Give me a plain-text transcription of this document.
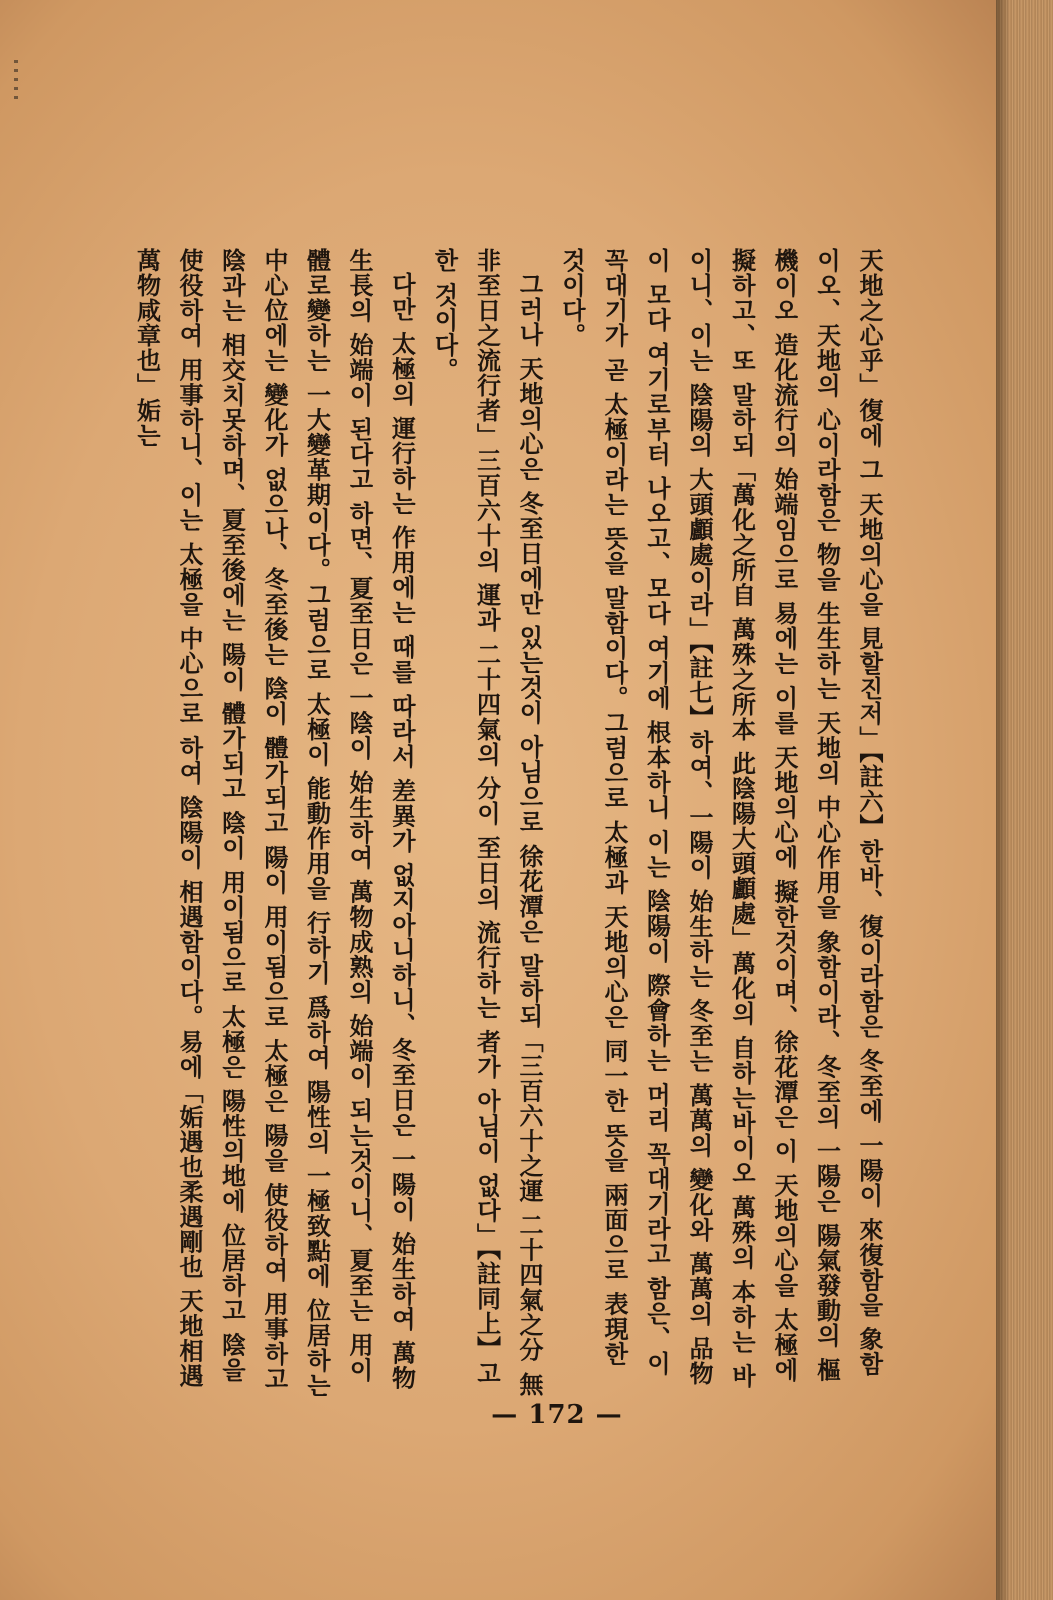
天地之心乎」復에 그 天地의心을 見할진저」【註六】한바、復이라함은 冬至에 一陽이 來復함을 象함이오、天地의 心이라함은 物을 生生하는 天地의 中心作用을 象함이라、冬至의 一陽은 陽氣發動의 樞機이오 造化流行의 始端임으로 易에는 이를 天地의心에 擬한것이며、徐花潭은 이 天地의心을 太極에 擬하고、또 말하되「萬化之所自 萬殊之所本 此陰陽大頭顱處」萬化의 自하는바이오 萬殊의 本하는 바이니、이는 陰陽의 大頭顱處이라」【註七】하여、一陽이 始生하는 冬至는 萬萬의 變化와 萬萬의 品物이 모다 여기로부터 나오고、모다 여기에 根本하니 이는 陰陽이 際會하는 머리 꼭대기라고 함은、이 꼭대기가 곧 太極이라는 뜻을 말함이다。그럼으로 太極과 天地의心은 同一한 뜻을 兩面으로 表現한 것이다。

그러나 天地의心은 冬至日에만 있는것이 아님으로 徐花潭은 말하되「三百六十之運 二十四氣之分 無非至日之流行者」三百六十의 運과 二十四氣의 分이 至日의 流行하는 者가 아님이 없다」【註同上】고 한 것이다。

다만 太極의 運行하는 作用에는 때를 따라서 差異가 없지아니하니、冬至日은 一陽이 始生하여 萬物生長의 始端이 된다고 하면、夏至日은 一陰이 始生하여 萬物成熟의 始端이 되는것이니、夏至는 用이 體로變하는 一大變革期이다。그럼으로 太極이 能動作用을 行하기 爲하여 陽性의 一極致點에 位居하는 中心位에는 變化가 없으나、冬至後는 陰이 體가되고 陽이 用이됨으로 太極은 陽을 使役하여 用事하고 陰과는 相交치못하며、夏至後에는 陽이 體가되고 陰이 用이됨으로 太極은 陽性의地에 位居하고 陰을 使役하여 用事하니、이는 太極을 中心으로 하여 陰陽이 相遇함이다。易에「姤遇也柔遇剛也 天地相遇萬物咸章也」姤는

— 172 —
